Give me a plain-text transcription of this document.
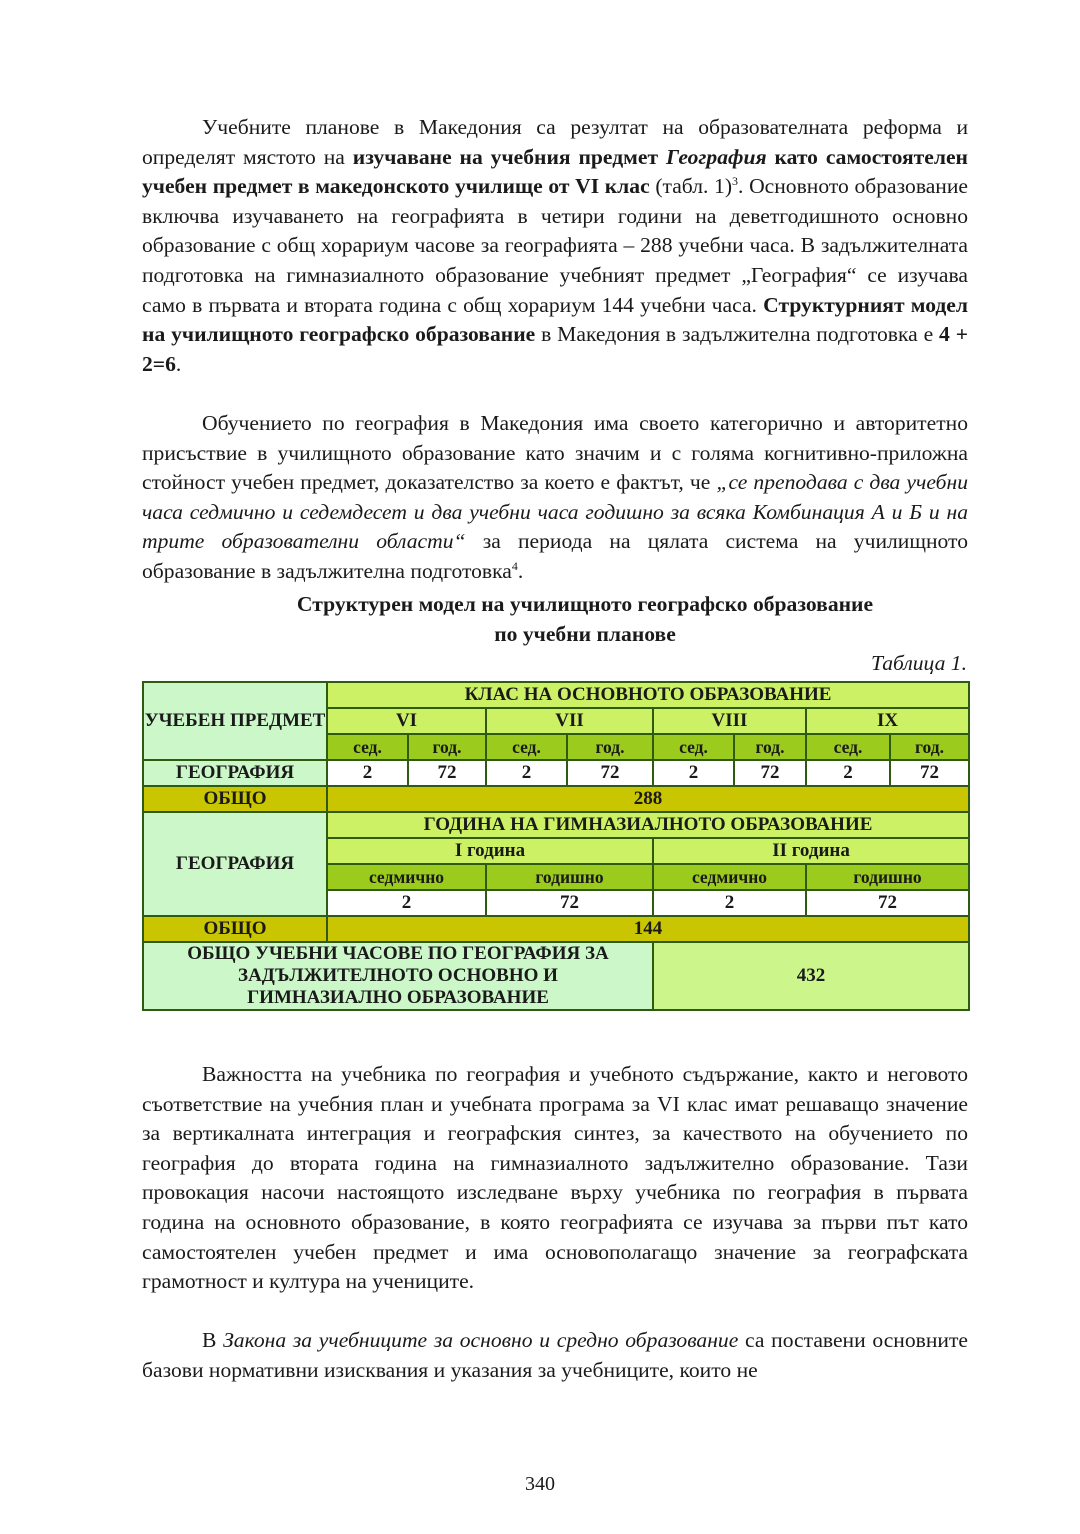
Учебните планове в Македония са резултат на образователната реформа и определят мястото на изучаване на учебния предмет География като самостоятелен учебен предмет в македонското училище от VI клас (табл. 1)$^3$. Основното образование включва изучаването на географията в четири години на деветгодишното основно образование с общ хорариум часове за географията – 288 учебни часа. В задължителната подготовка на гимназиалното образование учебният предмет „География“ се изучава само в първата и втората година с общ хорариум 144 учебни часа. Структурният модел на училищното географско образование в Македония в задължителна подготовка е 4 + 2=6.

Обучението по география в Македония има своето категорично и авторитетно присъствие в училищното образование като значим и с голяма когнитивно-приложна стойност учебен предмет, доказателство за което е фактът, че „се преподава с два учебни часа седмично и седемдесет и два учебни часа годишно за всяка Комбинация А и Б и на трите образователни области“ за периода на цялата система на училищното образование в задължителна подготовка$^4$.

Структурен модел на училищното географско образование
по учебни планове
Таблица 1.
УЧЕБЕН ПРЕДМЕТ	КЛАС НА ОСНОВНОТО ОБРАЗОВАНИЕ							
	VI		VII		VIII		IX	
	сед.	год.	сед.	год.	сед.	год.	сед.	год.
ГЕОГРАФИЯ	2	72	2	72	2	72	2	72
ОБЩО	288							
ГЕОГРАФИЯ	ГОДИНА НА ГИМНАЗИАЛНОТО ОБРАЗОВАНИЕ							
	I година				II година			
	седмично		годишно		седмично		годишно	
	2		72		2		72	
ОБЩО	144							
ОБЩО УЧЕБНИ ЧАСОВЕ ПО ГЕОГРАФИЯ ЗА ЗАДЪЛЖИТЕЛНОТО ОСНОВНО И ГИМНАЗИАЛНО ОБРАЗОВАНИЕ					432			

Важността на учебника по география и учебното съдържание, както и неговото съответствие на учебния план и учебната програма за VI клас имат решаващо значение за вертикалната интеграция и географския синтез, за качеството на обучението по география до втората година на гимназиалното задължително образование. Тази провокация насочи настоящото изследване върху учебника по география в първата година на основното образование, в която географията се изучава за първи път като самостоятелен учебен предмет и има основополагащо значение за географската грамотност и култура на учениците.

В Закона за учебниците за основно и средно образование са поставени основните базови нормативни изисквания и указания за учебниците, които не

340
